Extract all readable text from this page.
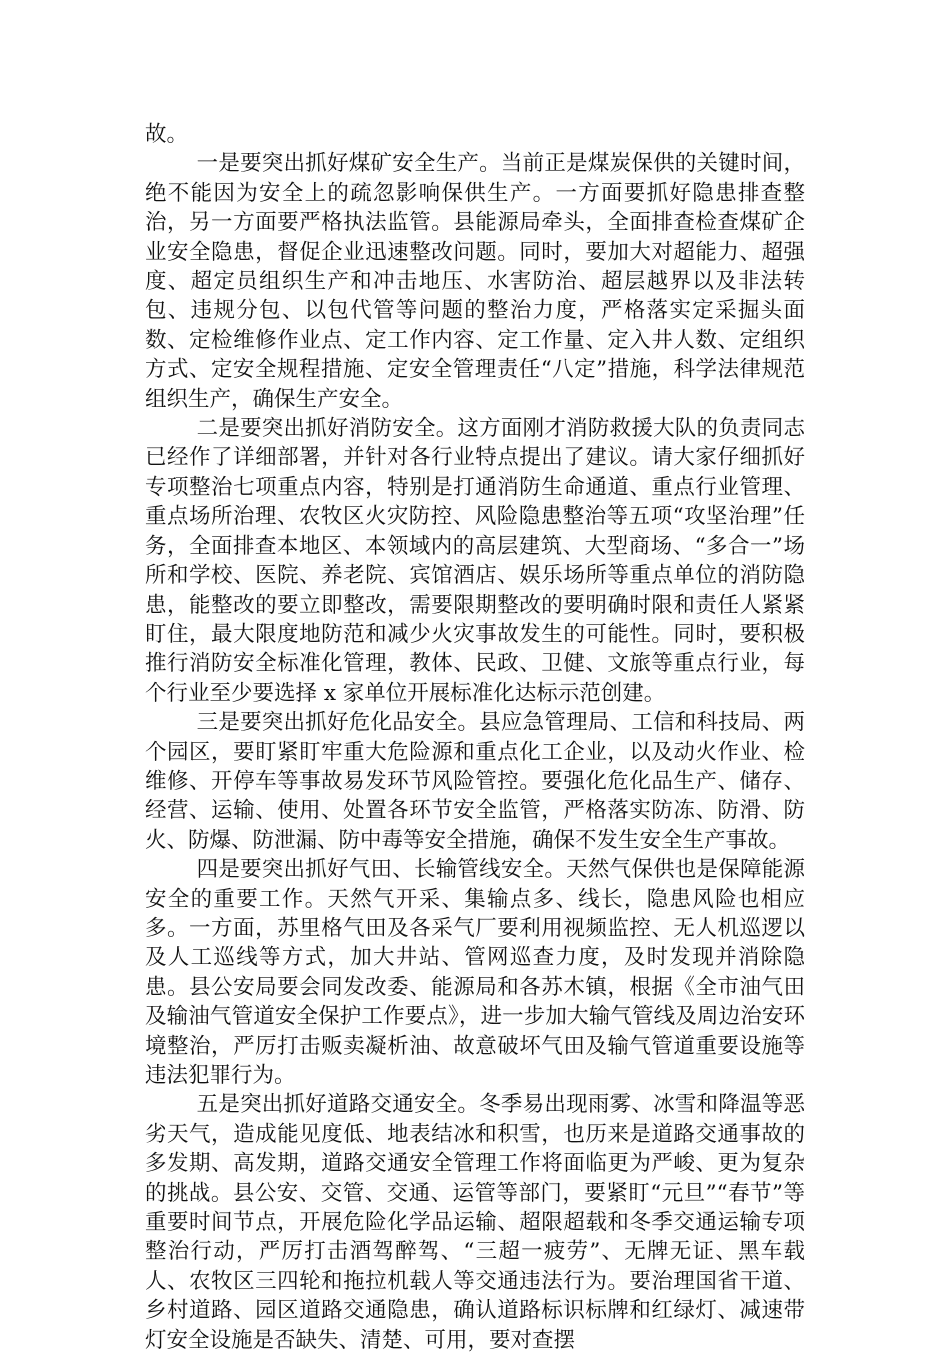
故。

一是要突出抓好煤矿安全生产。当前正是煤炭保供的关键时间，绝不能因为安全上的疏忽影响保供生产。一方面要抓好隐患排查整治，另一方面要严格执法监管。县能源局牵头，全面排查检查煤矿企业安全隐患，督促企业迅速整改问题。同时，要加大对超能力、超强度、超定员组织生产和冲击地压、水害防治、超层越界以及非法转包、违规分包、以包代管等问题的整治力度，严格落实定采掘头面数、定检维修作业点、定工作内容、定工作量、定入井人数、定组织方式、定安全规程措施、定安全管理责任“八定”措施，科学法律规范组织生产，确保生产安全。

二是要突出抓好消防安全。这方面刚才消防救援大队的负责同志已经作了详细部署，并针对各行业特点提出了建议。请大家仔细抓好专项整治七项重点内容，特别是打通消防生命通道、重点行业管理、重点场所治理、农牧区火灾防控、风险隐患整治等五项“攻坚治理”任务，全面排查本地区、本领域内的高层建筑、大型商场、“多合一”场所和学校、医院、养老院、宾馆酒店、娱乐场所等重点单位的消防隐患，能整改的要立即整改，需要限期整改的要明确时限和责任人紧紧盯住，最大限度地防范和减少火灾事故发生的可能性。同时，要积极推行消防安全标准化管理，教体、民政、卫健、文旅等重点行业，每个行业至少要选择 x 家单位开展标准化达标示范创建。

三是要突出抓好危化品安全。县应急管理局、工信和科技局、两个园区，要盯紧盯牢重大危险源和重点化工企业，以及动火作业、检维修、开停车等事故易发环节风险管控。要强化危化品生产、储存、经营、运输、使用、处置各环节安全监管，严格落实防冻、防滑、防火、防爆、防泄漏、防中毒等安全措施，确保不发生安全生产事故。

四是要突出抓好气田、长输管线安全。天然气保供也是保障能源安全的重要工作。天然气开采、集输点多、线长，隐患风险也相应多。一方面，苏里格气田及各采气厂要利用视频监控、无人机巡逻以及人工巡线等方式，加大井站、管网巡查力度，及时发现并消除隐患。县公安局要会同发改委、能源局和各苏木镇，根据《全市油气田及输油气管道安全保护工作要点》，进一步加大输气管线及周边治安环境整治，严厉打击贩卖凝析油、故意破坏气田及输气管道重要设施等违法犯罪行为。

五是突出抓好道路交通安全。冬季易出现雨雾、冰雪和降温等恶劣天气，造成能见度低、地表结冰和积雪，也历来是道路交通事故的多发期、高发期，道路交通安全管理工作将面临更为严峻、更为复杂的挑战。县公安、交管、交通、运管等部门，要紧盯“元旦”“春节”等重要时间节点，开展危险化学品运输、超限超载和冬季交通运输专项整治行动，严厉打击酒驾醉驾、“三超一疲劳”、无牌无证、黑车载人、农牧区三四轮和拖拉机载人等交通违法行为。要治理国省干道、乡村道路、园区道路交通隐患，确认道路标识标牌和红绿灯、减速带灯安全设施是否缺失、清楚、可用，要对查摆
